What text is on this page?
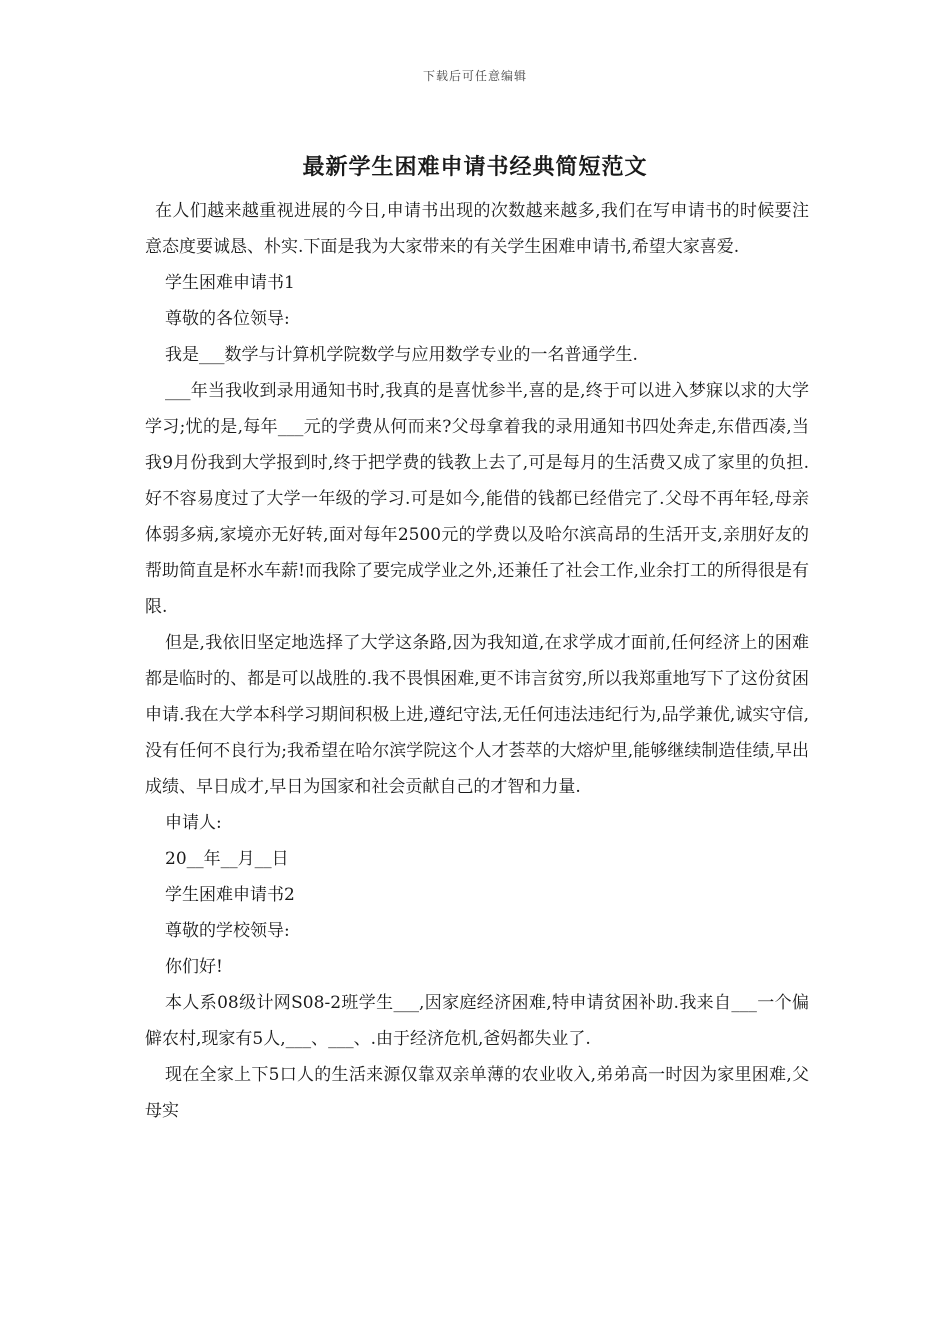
下载后可任意编辑
最新学生困难申请书经典简短范文

在人们越来越重视进展的今日,申请书出现的次数越来越多,我们在写申请书的时候要注意态度要诚恳、朴实.下面是我为大家带来的有关学生困难申请书,希望大家喜爱.

学生困难申请书1

尊敬的各位领导:

我是___数学与计算机学院数学与应用数学专业的一名普通学生.

___年当我收到录用通知书时,我真的是喜忧参半,喜的是,终于可以进入梦寐以求的大学学习;忧的是,每年___元的学费从何而来?父母拿着我的录用通知书四处奔走,东借西凑,当我9月份我到大学报到时,终于把学费的钱教上去了,可是每月的生活费又成了家里的负担.好不容易度过了大学一年级的学习.可是如今,能借的钱都已经借完了.父母不再年轻,母亲体弱多病,家境亦无好转,面对每年2500元的学费以及哈尔滨高昂的生活开支,亲朋好友的帮助简直是杯水车薪!而我除了要完成学业之外,还兼任了社会工作,业余打工的所得很是有限.

但是,我依旧坚定地选择了大学这条路,因为我知道,在求学成才面前,任何经济上的困难都是临时的、都是可以战胜的.我不畏惧困难,更不讳言贫穷,所以我郑重地写下了这份贫困申请.我在大学本科学习期间积极上进,遵纪守法,无任何违法违纪行为,品学兼优,诚实守信,没有任何不良行为;我希望在哈尔滨学院这个人才荟萃的大熔炉里,能够继续制造佳绩,早出成绩、早日成才,早日为国家和社会贡献自己的才智和力量.

申请人:

20__年__月__日

学生困难申请书2

尊敬的学校领导:

你们好!

本人系08级计网S08-2班学生___,因家庭经济困难,特申请贫困补助.我来自___一个偏僻农村,现家有5人,___、___、.由于经济危机,爸妈都失业了.

现在全家上下5口人的生活来源仅靠双亲单薄的农业收入,弟弟高一时因为家里困难,父母实
